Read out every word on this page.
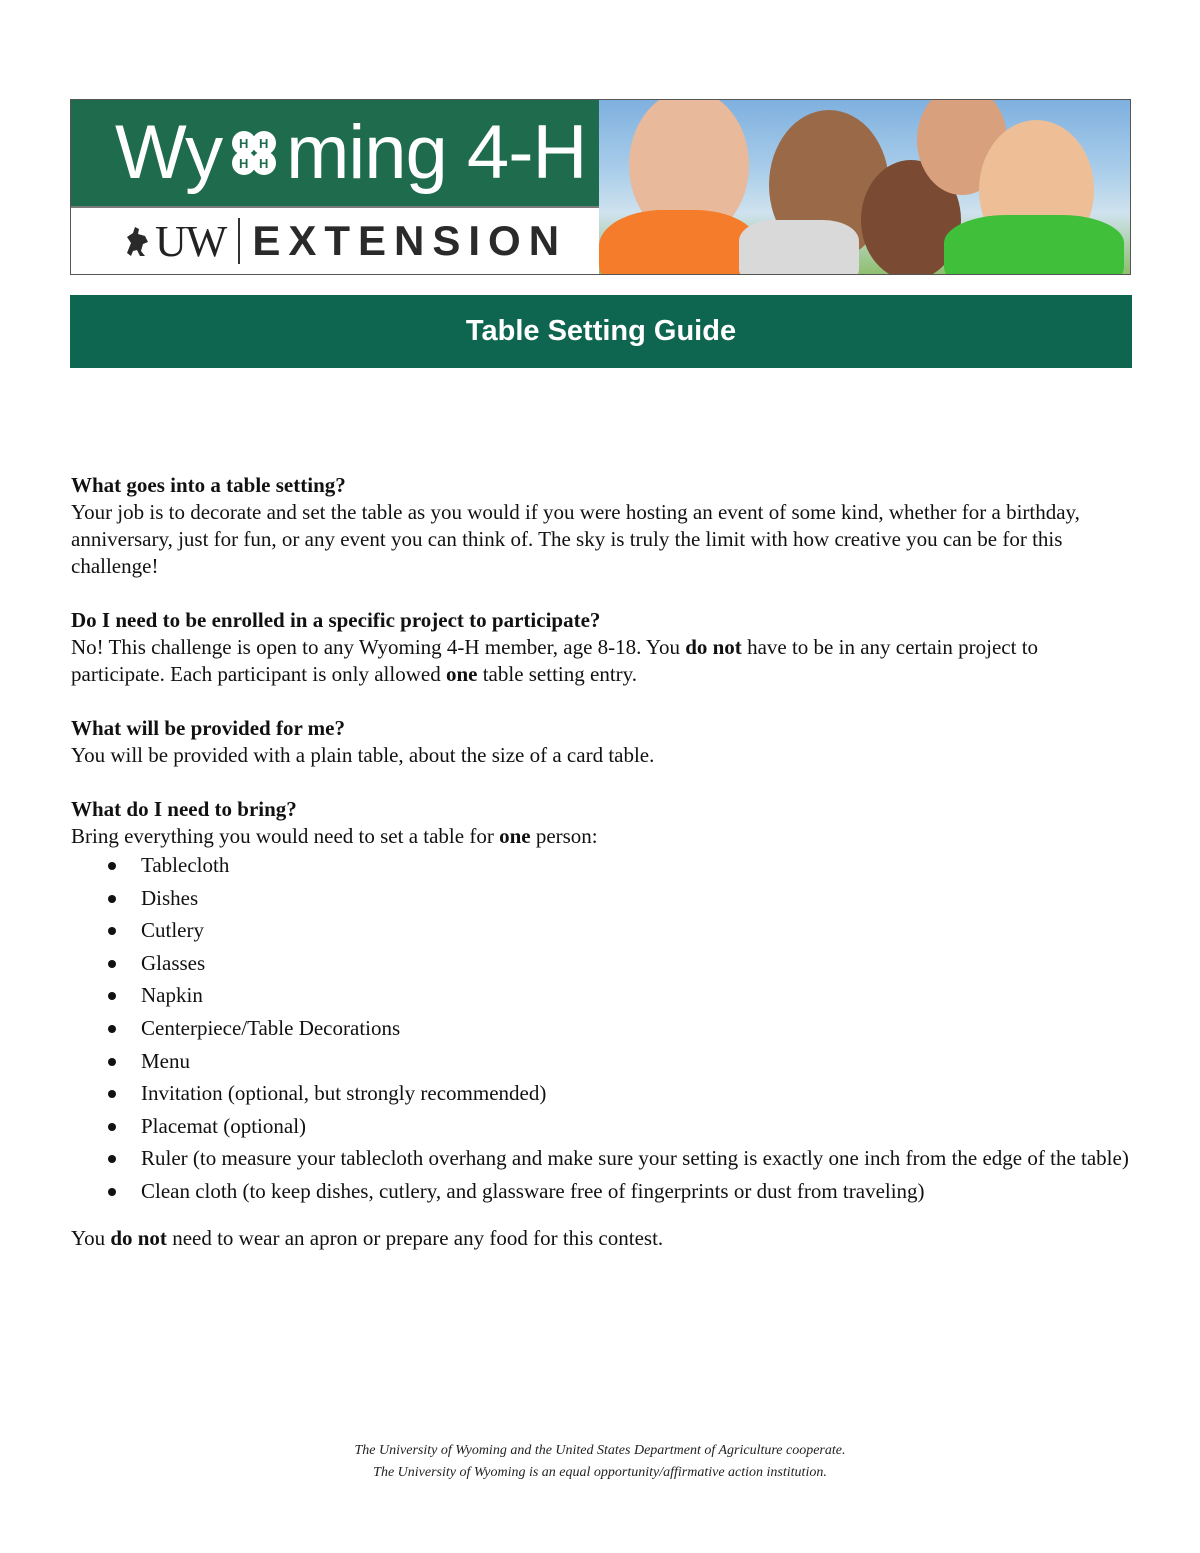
Wy H H
H H ming 4-H
UW EXTENSION
Table Setting Guide

What goes into a table setting?

Your job is to decorate and set the table as you would if you were hosting an event of some kind, whether for a birthday, anniversary, just for fun, or any event you can think of. The sky is truly the limit with how creative you can be for this challenge!

Do I need to be enrolled in a specific project to participate?

No! This challenge is open to any Wyoming 4-H member, age 8-18. You do not have to be in any certain project to participate. Each participant is only allowed one table setting entry.

What will be provided for me?

You will be provided with a plain table, about the size of a card table.

What do I need to bring?

Bring everything you would need to set a table for one person:

Tablecloth
Dishes
Cutlery
Glasses
Napkin
Centerpiece/Table Decorations
Menu
Invitation (optional, but strongly recommended)
Placemat (optional)
Ruler (to measure your tablecloth overhang and make sure your setting is exactly one inch from the edge of the table)
Clean cloth (to keep dishes, cutlery, and glassware free of fingerprints or dust from traveling)

You do not need to wear an apron or prepare any food for this contest.

The University of Wyoming and the United States Department of Agriculture cooperate.
The University of Wyoming is an equal opportunity/affirmative action institution.
